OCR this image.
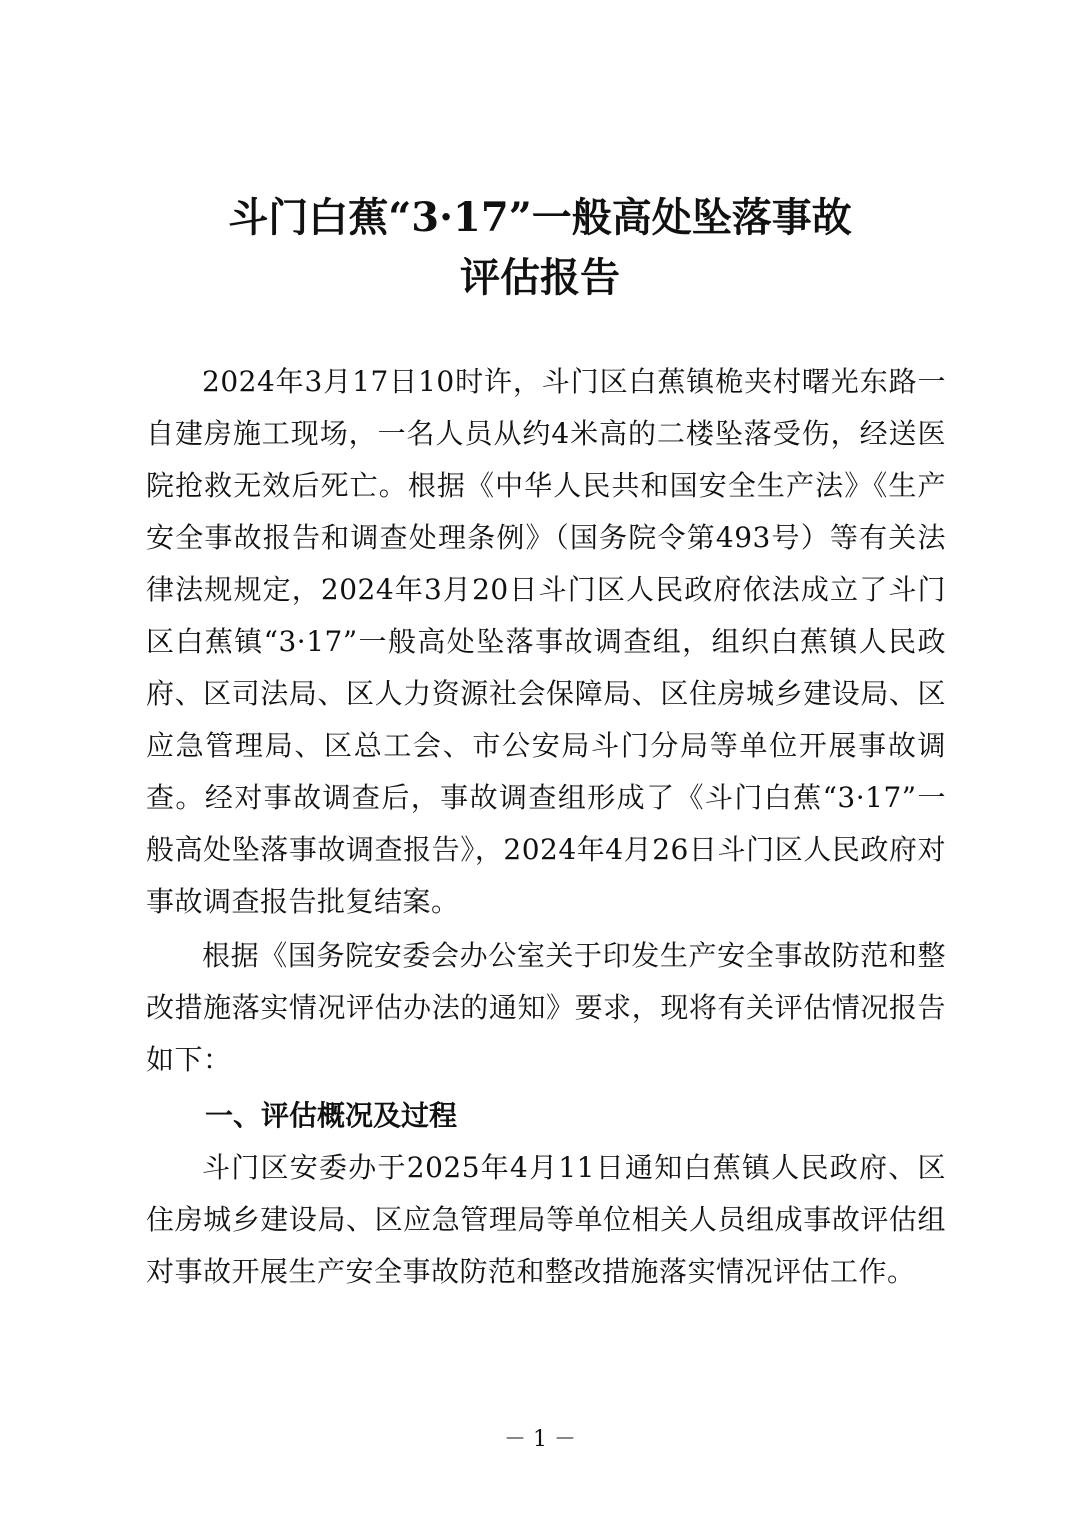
斗门白蕉“3·17”一般高处坠落事故
评估报告
2024年3月17日10时许，斗门区白蕉镇桅夹村曙光东路一自建房施工现场，一名人员从约4米高的二楼坠落受伤，经送医院抢救无效后死亡。根据《中华人民共和国安全生产法》《生产安全事故报告和调查处理条例》（国务院令第493号）等有关法律法规规定，2024年3月20日斗门区人民政府依法成立了斗门区白蕉镇“3·17”一般高处坠落事故调查组，组织白蕉镇人民政府、区司法局、区人力资源社会保障局、区住房城乡建设局、区应急管理局、区总工会、市公安局斗门分局等单位开展事故调查。经对事故调查后，事故调查组形成了《斗门白蕉“3·17”一般高处坠落事故调查报告》，2024年4月26日斗门区人民政府对事故调查报告批复结案。
根据《国务院安委会办公室关于印发生产安全事故防范和整改措施落实情况评估办法的通知》要求，现将有关评估情况报告如下：
一、评估概况及过程
斗门区安委办于2025年4月11日通知白蕉镇人民政府、区住房城乡建设局、区应急管理局等单位相关人员组成事故评估组对事故开展生产安全事故防范和整改措施落实情况评估工作。
－ 1 －
